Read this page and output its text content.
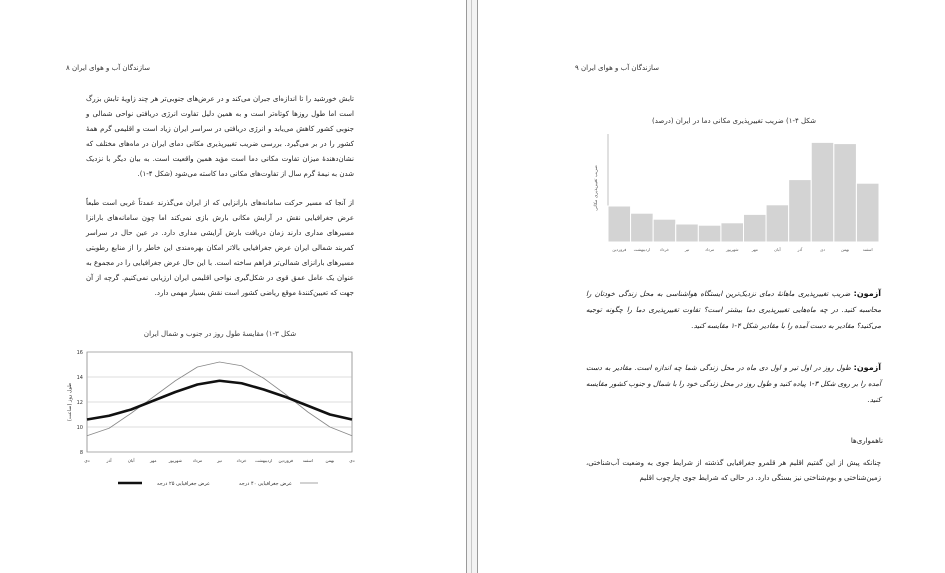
سازندگان آب و هوای ایران ۸
تابش خورشید را تا اندازه‌ای جبران می‌کند و در عرض‌های جنوبی‌تر هر چند زاویهٔ تابش بزرگ است اما طول روزها کوتاه‌تر است و به همین دلیل تفاوت انرژی دریافتی نواحی شمالی و جنوبی کشور کاهش می‌یابد و انرژی دریافتی در سراسر ایران زیاد است و اقلیمی گرم همهٔ کشور را در بر می‌گیرد. بررسی ضریب تغییرپذیری مکانی دمای ایران در ماه‌های مختلف که نشان‌دهندهٔ میزان تفاوت مکانی دما است مؤید همین واقعیت است. به بیان دیگر با نزدیک شدن به نیمهٔ گرم سال از تفاوت‌های مکانی دما کاسته می‌شود (شکل ۴-۱).
از آنجا که مسیر حرکت سامانه‌های بارانزایی که از ایران می‌گذرند عمدتاً غربی است طبعاً عرض جغرافیایی نقش در آرایش مکانی بارش بازی نمی‌کند اما چون سامانه‌های بارانزا مسیرهای مداری دارند زمان دریافت بارش آرایشی مداری دارد. در عین حال در سراسر کمربند شمالی ایران عرض جغرافیایی بالاتر امکان بهره‌مندی این خاطر را از منابع رطوبتی مسیرهای بارانزای شمالی‌تر فراهم ساخته است. با این حال عرض جغرافیایی را در مجموع به عنوان یک عامل عمق قوی در شکل‌گیری نواحی اقلیمی ایران ارزیابی نمی‌کنیم. گرچه از آن جهت که تعیین‌کنندهٔ موقع ریاضی کشور است نقش بسیار مهمی دارد.
شکل ۳-۱) مقایسهٔ طول روز در جنوب و شمال ایران
8
10
12
14
16
طول روز (ساعت)
دی
بهمن
اسفند
فروردین
اردیبهشت
خرداد
تیر
مرداد
شهریور
مهر
آبان
آذر
دی
عرض جغرافیایی ۴۰ درجه
عرض جغرافیایی ۲۵ درجه
سازندگان آب و هوای ایران ۹
شکل ۴-۱) ضریب تغییرپذیری مکانی دما در ایران (درصد)
ضریب تغییرپذیری مکانی
فروردین اردیبهشت خرداد	تیر	مرداد	شهریور	مهر	آبان	آذر	دی	بهمن	اسفند
آزمون: ضریب تغییرپذیری ماهانهٔ دمای نزدیک‌ترین ایستگاه هواشناسی به محل زندگی خودتان را محاسبه کنید. در چه ماه‌هایی تغییرپذیری دما بیشتر است؟ تفاوت تغییرپذیری دما را چگونه توجیه می‌کنید؟ مقادیر به دست آمده را با مقادیر شکل ۴-۱ مقایسه کنید.
آزمون: طول روز در اول تیر و اول دی ماه در محل زندگی شما چه اندازه است. مقادیر به دست آمده را بر روی شکل ۳-۱ پیاده کنید و طول روز در محل زندگی خود را با شمال و جنوب کشور مقایسه کنید.
ناهمواری‌ها
چنانکه پیش از این گفتیم اقلیم هر قلمرو جغرافیایی گذشته از شرایط جوی به وضعیت آب‌شناختی، زمین‌شناختی و بوم‌شناختی نیز بستگی دارد. در حالی که شرایط جوی چارچوب اقلیم
